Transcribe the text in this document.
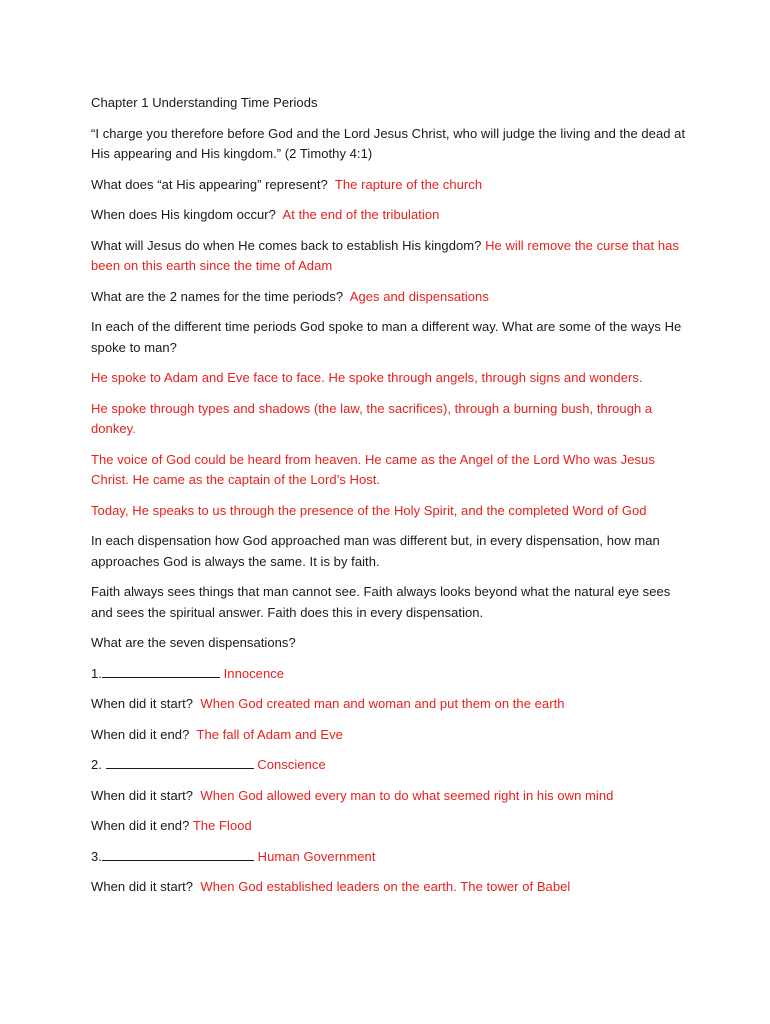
Chapter 1 Understanding Time Periods

“I charge you therefore before God and the Lord Jesus Christ, who will judge the living and the dead at His appearing and His kingdom.” (2 Timothy 4:1)

What does “at His appearing” represent? The rapture of the church

When does His kingdom occur? At the end of the tribulation

What will Jesus do when He comes back to establish His kingdom? He will remove the curse that has been on this earth since the time of Adam

What are the 2 names for the time periods? Ages and dispensations

In each of the different time periods God spoke to man a different way. What are some of the ways He spoke to man?

He spoke to Adam and Eve face to face. He spoke through angels, through signs and wonders.

He spoke through types and shadows (the law, the sacrifices), through a burning bush, through a donkey.

The voice of God could be heard from heaven. He came as the Angel of the Lord Who was Jesus Christ. He came as the captain of the Lord’s Host.

Today, He speaks to us through the presence of the Holy Spirit, and the completed Word of God

In each dispensation how God approached man was different but, in every dispensation, how man approaches God is always the same. It is by faith.

Faith always sees things that man cannot see. Faith always looks beyond what the natural eye sees and sees the spiritual answer. Faith does this in every dispensation.

What are the seven dispensations?

1.	Innocence

When did it start? When God created man and woman and put them on the earth

When did it end? The fall of Adam and Eve

2.	Conscience

When did it start? When God allowed every man to do what seemed right in his own mind

When did it end? The Flood

3.	Human Government

When did it start? When God established leaders on the earth. The tower of Babel
